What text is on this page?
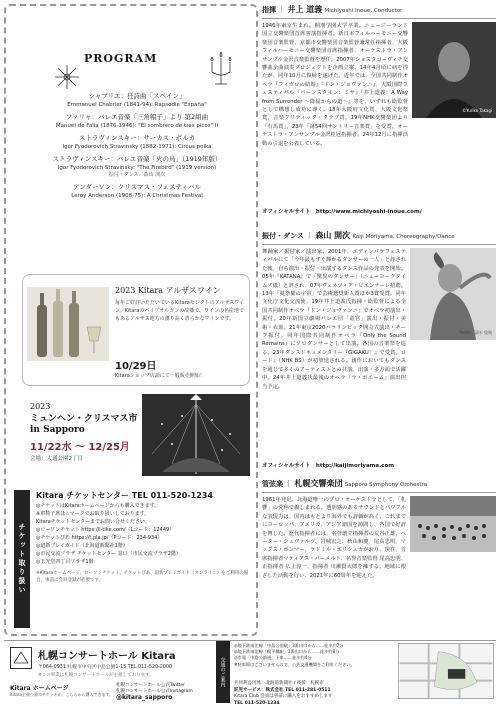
PROGRAM
シャブリエ：狂詩曲「スペイン」
Emmanuel Chabrier (1841-94): Rapsodie "España"
ファリャ：バレエ音楽「三角帽子」より 第2組曲
Manuel de Falla (1876-1946): "El sombrero de tres picos" II
ストラヴィンスキー：サーカス・ポルカ
Igor Fyodorovich Stravinsky (1882-1971): Circus polka
ストラヴィンスキー：バレエ音楽「火の鳥」（1919年版）
Igor Fyodorovich Stravinsky: "The Firebird" (1919 version)
振付・ダンス／森山 開次
アンダーソン：クリスマス・フェスティバル
Leroy Anderson (1908-75): A Christmas Festival
2023 Kitara アルザスワイン
毎年ご好評いただいているKitaraセレクトのアルザスワイン。Kitaraのパイプオルガンの故郷で、ワインの名産地でもあるアルザス地方の薫り高く清らかなワインです。
10/29日
Kitaraショップ店頭にて一般販売開始！
2023
ミュンヘン・クリスマス市
in Sapporo
11/22水 〜 12/25月
会場：大通公園2丁目
チケット取り扱い
Kitara チケットセンター TEL 011-520-1234
◎チケットはKitaraホームページからも購入できます。
※車椅子席は☆マークでお取り扱いしております。
Kitaraチケットセンターまでお問い合せください。
◎ローソンチケット https://l-tike.com/（Lコード：12449）
◎チケットぴあ https://t.pia.jp/（Pコード：234-934）
◎道新プレイガイド（北海道新聞社1階）
◎市民交流プラザ チケットセンター 窓口（市民交流プラザ2階）
◎玉光堂四丁目プラザ1階
※Kitaraホームページ、ローソンチケット、チケットぴあ、道新プレイガイド（オンライン）をご利用の場合、事前に会員登録が必要です。
指揮 ｜ 井上 道義 Michiyoshi Inoue, Conductor
©Yuriko Takagi
1946年東京生まれ。桐朋学園大学卒業。ニュージーランド国立交響楽団首席客演指揮者、新日本フィルハーモニー交響楽団音楽監督、京都市交響楽団音楽監督兼常任指揮者、大阪フィルハーモニー交響楽団首席指揮者、オーケストラ・アンサンブル金沢音楽監督を歴任。2007年ショスタコーヴィチ交響曲全曲演奏プロジェクトを企画立案。14年4月頃に病を得たが、同年10月に復帰を遂げた。近年では、全国共同制作オペラ『フィガロの結婚』『ドン・ジョヴァンニ』、大阪国際フェスティバル『バーンスタイン：ミサ』『井上道義：A Way from Surrender 〜降福からの道〜』等を、いずれも総監督として構想し成功に導く。18年大阪府文化賞、大阪文化祭賞、音楽クリティック・クラブ賞、19年NHK交響楽団より「有馬賞」、23年「第54回サントリー音楽賞」を受賞。オーケストラ・アンサンブル金沢桂冠指揮者。24年12月に指揮活動の引退を公表している。
オフィシャルサイト　http://www.michiyoshi-inoue.com/
振付・ダンス ｜ 森山 開次 Kaiji Moriyama, Choreography/Dance
Photo：清水 俊典
舞踊家／振付家／演出家。2001年、エディンバラフェスティバルにて「今年最もすぐ輝かるダンサーの一人」と評された後、自ら演出・振付・出演するダンス作品の発表を開始。05年『KATANA』で「驚異のダンサー」（ニューヨークタイムズ紙）と評され、07年ヴェネツィア・ビエンナーレ招聘。13年「曼荼羅の宇宙」で芸術選奨新人賞ほか3賞受賞。同年文化庁文化交流使、19年井上道義氏指揮・総監督による全国共同制作オペラ『ドン・ジョヴァンニ』でオペラ初演出・振付。20年新国立劇場バレエ団「竜宮」演出・振付・美術・衣裳。21年東京2020パラリンピック開会式演出・チーフ振付。同年国際共同制作オペラ『Only the Sound Remains』にソロダンサーとして出演。各国の音楽祭を巡る。23年ダンスドキュメンタリー『GIGAKU！』で受賞。ロード』（NHK BS）が初放送される。創作においてもダンスを通じて多くのアーティストとの共演。出演・多方面で活躍中。24年井上道義氏最後のオペラ『ラ・ボエーム』演出担当予定。
オフィシャルサイト　http://kaijimoriyama.com
管弦楽 ｜ 札幌交響楽団 Sapporo Symphony Orchestra
1961年発足。北海道唯一のプロ・オーケストラとして、「札響」の愛称で親しまれる。透明感のあるサウンドとパワフルな表現力は、国内はもとより海外でも評価が高く、これまでにヨーロッパ、アメリカ、アジア諸国を訪問し、各国で好評を博した。歴代指揮者には、名誉創立指揮者の荒谷正雄、ペーター・シュヴァルツ、岩城宏之、秋山和慶、尾高忠明、マックス・ポンマー、ラドミル・エリシュカがおり、現在、首席指揮者マティアス・バーメルト、名誉音楽監督 尾高忠明、正指揮者 広上淳一、指揮者 川瀬賢太郎を擁する。地域に根ざした活動を行い、2021年に60周年を迎えた。
札幌コンサートホール Kitara
〒064-0931 札幌市中央区中島公園1-15 TEL 011-520-2000
※この事業は札幌コンサートホールが主催しております。
Kitara ホームページ
Kitara主催公演のチケットが、こちらから購入できます。
札幌コンサートホール公式Twitter
札幌コンサートホール公式Instagram
@kitara_sapporo
交通のご案内
◎地下鉄南北線「中島公園駅」3番出口から……徒歩約7分
◎地下鉄南北線「幌平橋駅」1番出口から……徒歩約8分
◎市電「中島公園通」下車……徒歩約4分
※駐車場はございませんので、公共交通機関をご利用ください。
共同利益団体：北海道新聞社 / 後援：札幌市
託児サービス：株式会社 TEL 011-281-0511
Kitara Club 会員は事前に購入をおすすめします
TEL 011-520-1234
